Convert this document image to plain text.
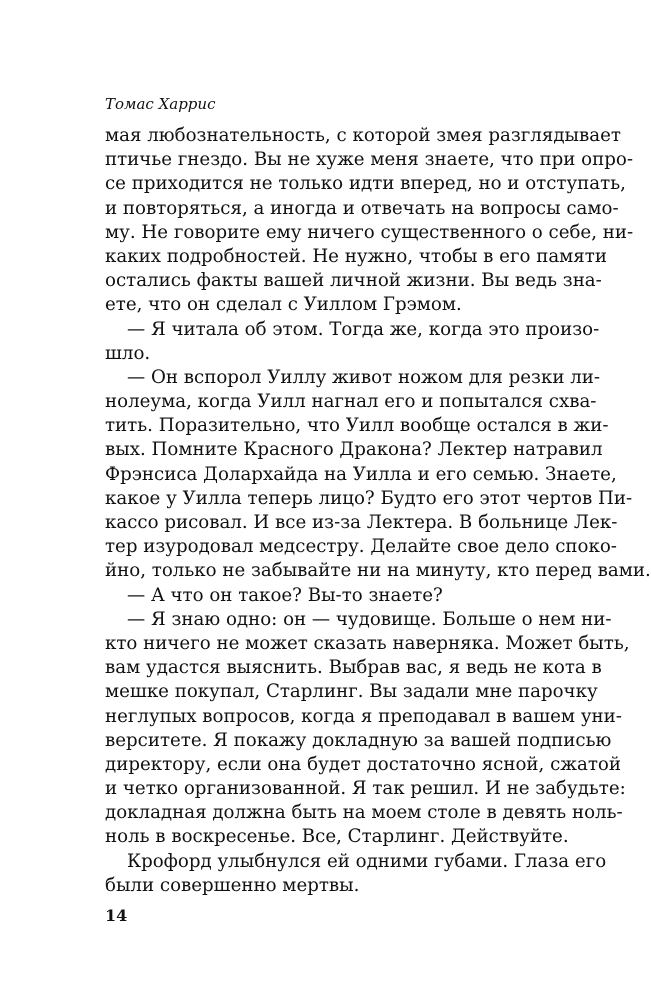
Томас Харрис
мая любознательность, с которой змея разглядывает
птичье гнездо. Вы не хуже меня знаете, что при опро-
се приходится не только идти вперед, но и отступать,
и повторяться, а иногда и отвечать на вопросы само-
му. Не говорите ему ничего существенного о себе, ни-
каких подробностей. Не нужно, чтобы в его памяти
остались факты вашей личной жизни. Вы ведь зна-
ете, что он сделал с Уиллом Грэмом.
— Я читала об этом. Тогда же, когда это произо-
шло.
— Он вспорол Уиллу живот ножом для резки ли-
нолеума, когда Уилл нагнал его и попытался схва-
тить. Поразительно, что Уилл вообще остался в жи-
вых. Помните Красного Дракона? Лектер натравил
Фрэнсиса Долархайда на Уилла и его семью. Знаете,
какое у Уилла теперь лицо? Будто его этот чертов Пи-
кассо рисовал. И все из-за Лектера. В больнице Лек-
тер изуродовал медсестру. Делайте свое дело споко-
йно, только не забывайте ни на минуту, кто перед вами.
— А что он такое? Вы-то знаете?
— Я знаю одно: он — чудовище. Больше о нем ни-
кто ничего не может сказать наверняка. Может быть,
вам удастся выяснить. Выбрав вас, я ведь не кота в
мешке покупал, Старлинг. Вы задали мне парочку
неглупых вопросов, когда я преподавал в вашем уни-
верситете. Я покажу докладную за вашей подписью
директору, если она будет достаточно ясной, сжатой
и четко организованной. Я так решил. И не забудьте:
докладная должна быть на моем столе в девять ноль-
ноль в воскресенье. Все, Старлинг. Действуйте.
Крофорд улыбнулся ей одними губами. Глаза его
были совершенно мертвы.
14
